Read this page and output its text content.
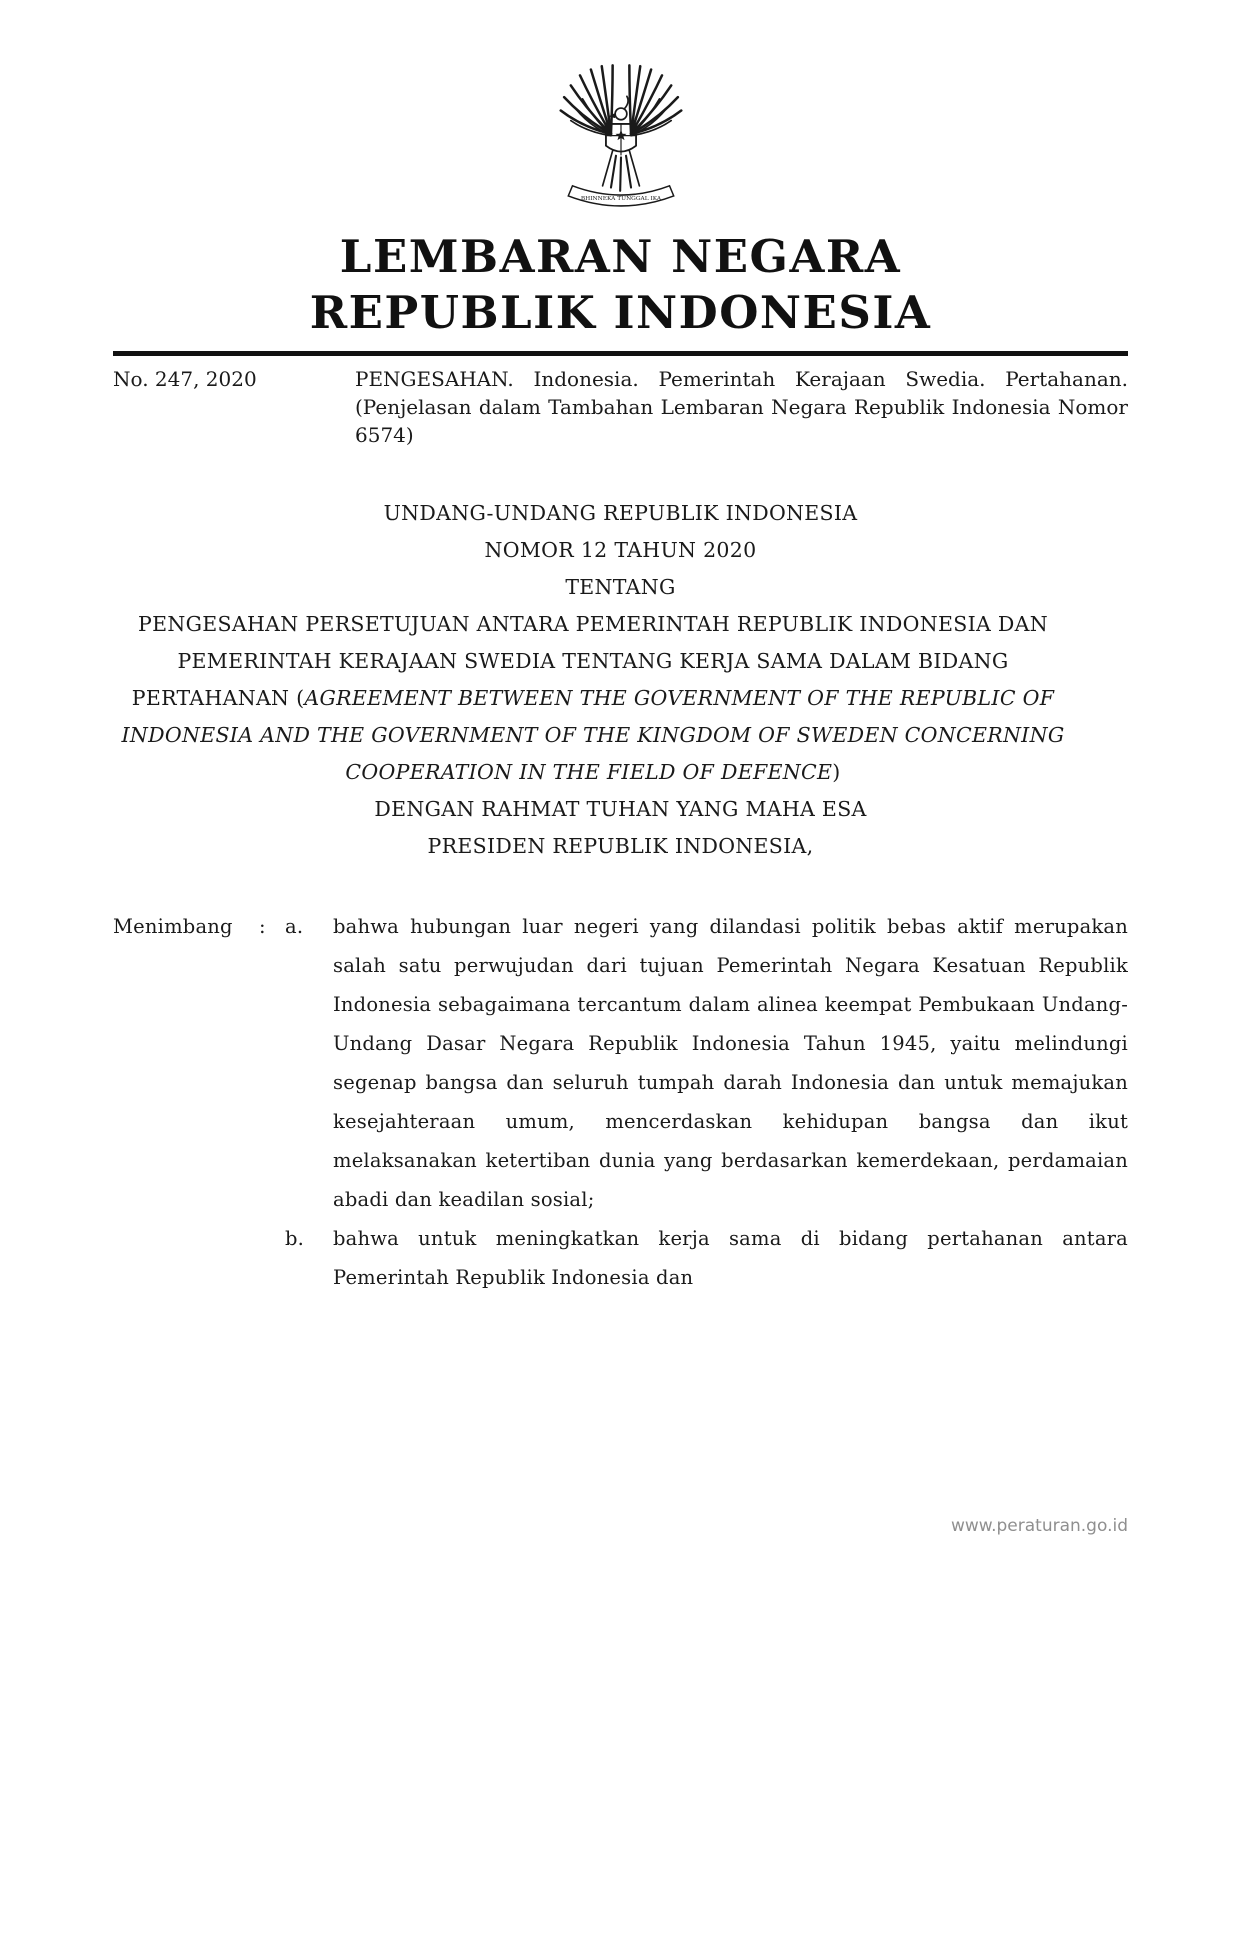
BHINNEKA TUNGGAL IKA
LEMBARAN NEGARA
REPUBLIK INDONESIA
No. 247, 2020	PENGESAHAN. Indonesia. Pemerintah Kerajaan Swedia. Pertahanan. (Penjelasan dalam Tambahan Lembaran Negara Republik Indonesia Nomor 6574)

UNDANG-UNDANG REPUBLIK INDONESIA

NOMOR 12 TAHUN 2020

TENTANG

PENGESAHAN PERSETUJUAN ANTARA PEMERINTAH REPUBLIK INDONESIA DAN PEMERINTAH KERAJAAN SWEDIA TENTANG KERJA SAMA DALAM BIDANG PERTAHANAN (AGREEMENT BETWEEN THE GOVERNMENT OF THE REPUBLIC OF INDONESIA AND THE GOVERNMENT OF THE KINGDOM OF SWEDEN CONCERNING COOPERATION IN THE FIELD OF DEFENCE)

DENGAN RAHMAT TUHAN YANG MAHA ESA

PRESIDEN REPUBLIK INDONESIA,

Menimbang	: a.	bahwa hubungan luar negeri yang dilandasi politik bebas aktif merupakan salah satu perwujudan dari tujuan Pemerintah Negara Kesatuan Republik Indonesia sebagaimana tercantum dalam alinea keempat Pembukaan Undang-Undang Dasar Negara Republik Indonesia Tahun 1945, yaitu melindungi segenap bangsa dan seluruh tumpah darah Indonesia dan untuk memajukan kesejahteraan umum, mencerdaskan kehidupan bangsa dan ikut melaksanakan ketertiban dunia yang berdasarkan kemerdekaan, perdamaian abadi dan keadilan sosial;
b.	bahwa untuk meningkatkan kerja sama di bidang pertahanan antara Pemerintah Republik Indonesia dan
www.peraturan.go.id
